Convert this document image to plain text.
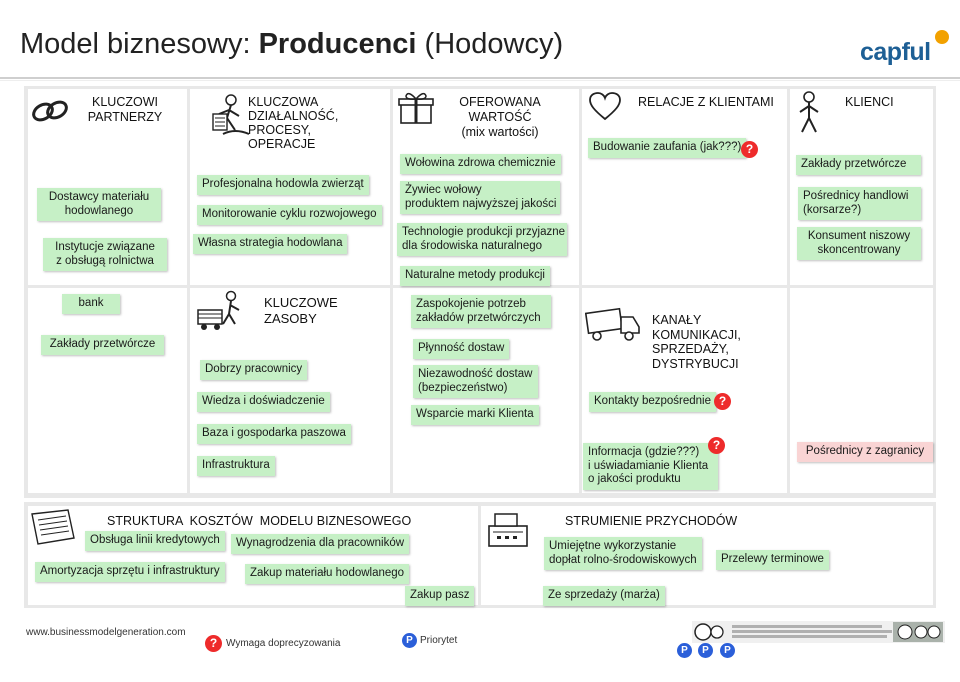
Model biznesowy: Producenci (Hodowcy)	capful
KLUCZOWI
PARTNERZY
KLUCZOWA
DZIAŁALNOŚĆ,
PROCESY,
OPERACJE
OFEROWANA
WARTOŚĆ
(mix wartości)
RELACJE Z KLIENTAMI	KLIENCI
Dostawcy materiału
hodowlanego
Instytucje związane
z obsługą rolnictwa
bank
Zakłady przetwórcze
Profesjonalna hodowla zwierząt
Monitorowanie cyklu rozwojowego
Własna strategia hodowlana
KLUCZOWE
ZASOBY
Dobrzy pracownicy
Wiedza i doświadczenie
Baza i gospodarka paszowa
Infrastruktura
Wołowina zdrowa chemicznie
Żywiec wołowy
produktem najwyższej jakości
Technologie produkcji przyjazne
dla środowiska naturalnego
Naturalne metody produkcji
Zaspokojenie potrzeb
zakładów przetwórczych
Płynność dostaw
Niezawodność dostaw
(bezpieczeństwo)
Wsparcie marki Klienta
Budowanie zaufania (jak???) ?
KANAŁY
KOMUNIKACJI,
SPRZEDAŻY,
DYSTRYBUCJI
Kontakty bezpośrednie ?
Informacja (gdzie???)
i uświadamianie Klienta
o jakości produktu
?
Zakłady przetwórcze
Pośrednicy handlowi
(korsarze?)
Konsument niszowy
skoncentrowany
Pośrednicy z zagranicy
STRUKTURA  KOSZTÓW  MODELU BIZNESOWEGO
Obsługa linii kredytowych	Wynagrodzenia dla pracowników
Amortyzacja sprzętu i infrastruktury	Zakup materiału hodowlanego
Zakup pasz
STRUMIENIE PRZYCHODÓW
Umiejętne wykorzystanie
dopłat rolno-środowiskowych	Przelewy terminowe
Ze sprzedaży (marża)
www.businessmodelgeneration.com
? Wymaga doprecyzowania	P Priorytet
P	P	P
